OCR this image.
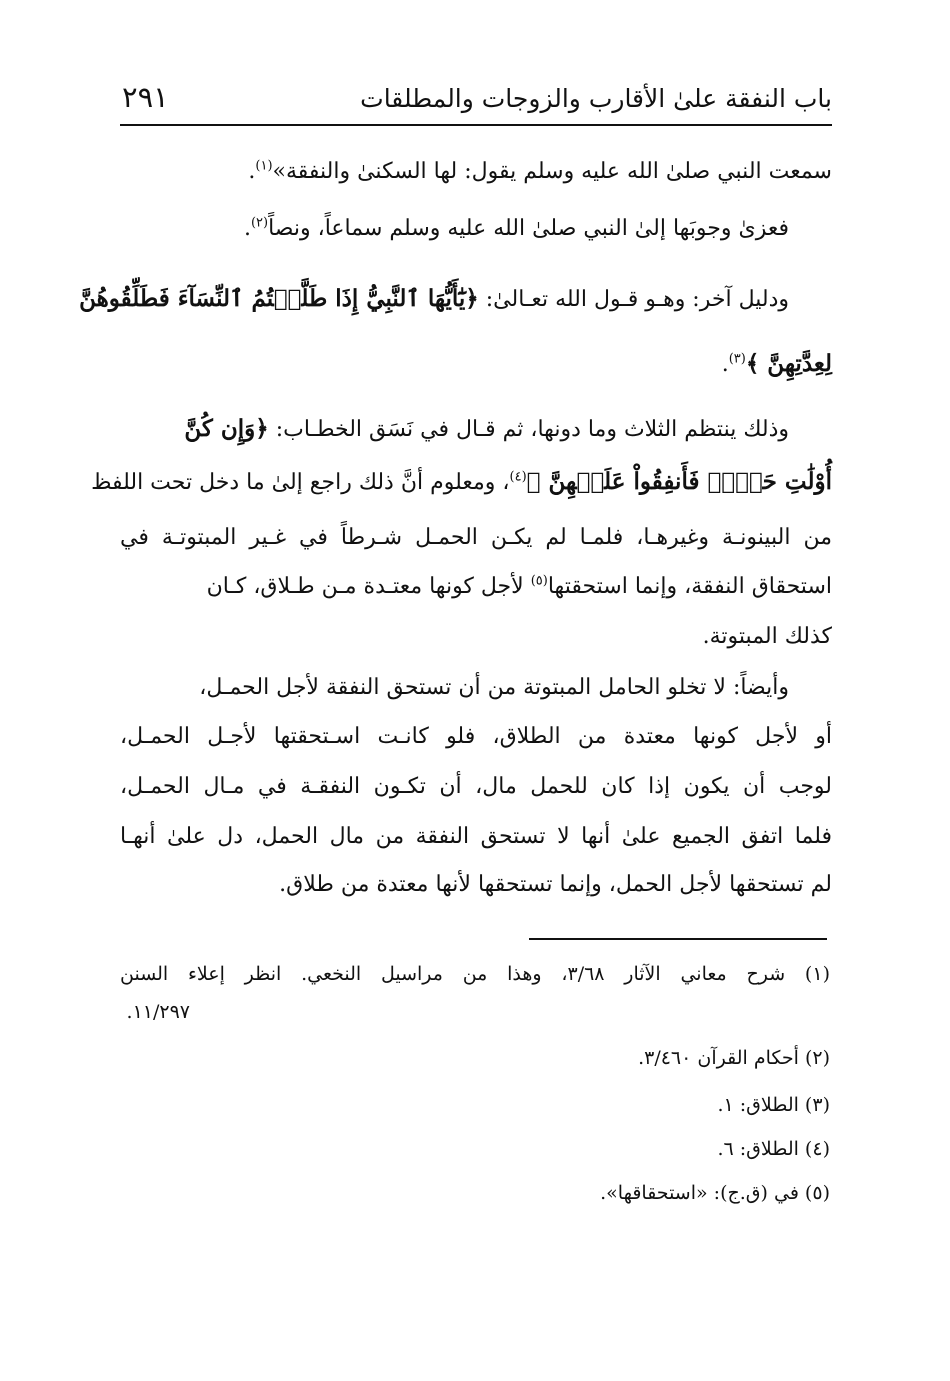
باب النفقة علىٰ الأقارب والزوجات والمطلقات
٢٩١
سمعت النبي صلىٰ الله عليه وسلم يقول: لها السكنىٰ والنفقة»$^{(١)}$.
فعزىٰ وجوبَها إلىٰ النبي صلىٰ الله عليه وسلم سماعاً، ونصاً$^{(٢)}$.
ودليل آخر: وهـو قـول الله تعـالىٰ: ﴿يَٰٓأَيُّهَا ٱلنَّبِيُّ إِذَا طَلَّقۡتُمُ ٱلنِّسَآءَ فَطَلِّقُوهُنَّ
لِعِدَّتِهِنَّ ﴾$^{(٣)}$.
وذلك ينتظم الثلاث وما دونها، ثم قـال في نَسَق الخطـاب: ﴿وَإِن كُنَّ
أُوْلَٰتِ حَمۡلٖ فَأَنفِقُواْ عَلَيۡهِنَّ ﴾$^{(٤)}$، ومعلوم أنَّ ذلك راجع إلىٰ ما دخل تحت اللفظ
من البينونـة وغيرهـا، فلمـا لم يكـن الحمـل شـرطاً في غـير المبتوتـة في
استحقاق النفقة، وإنما استحقتها$^{(٥)}$ لأجل كونها معتـدة مـن طـلاق، كـان
كذلك المبتوتة.
وأيضاً: لا تخلو الحامل المبتوتة من أن تستحق النفقة لأجل الحمـل،
أو لأجل كونها معتدة من الطلاق، فلو كانـت اسـتحقتها لأجـل الحمـل،
لوجب أن يكون إذا كان للحمل مال، أن تكـون النفقـة في مـال الحمـل،
فلما اتفق الجميع علىٰ أنها لا تستحق النفقة من مال الحمل، دل علىٰ أنهـا
لم تستحقها لأجل الحمل، وإنما تستحقها لأنها معتدة من طلاق.
(١) شرح معاني الآثار ٣/٦٨، وهذا من مراسيل النخعي. انظر إعلاء السنن
١١/٢٩٧.
(٢) أحكام القرآن ٣/٤٦٠.
(٣) الطلاق: ١.
(٤) الطلاق: ٦.
(٥) في (ق.ج): «استحقاقها».
